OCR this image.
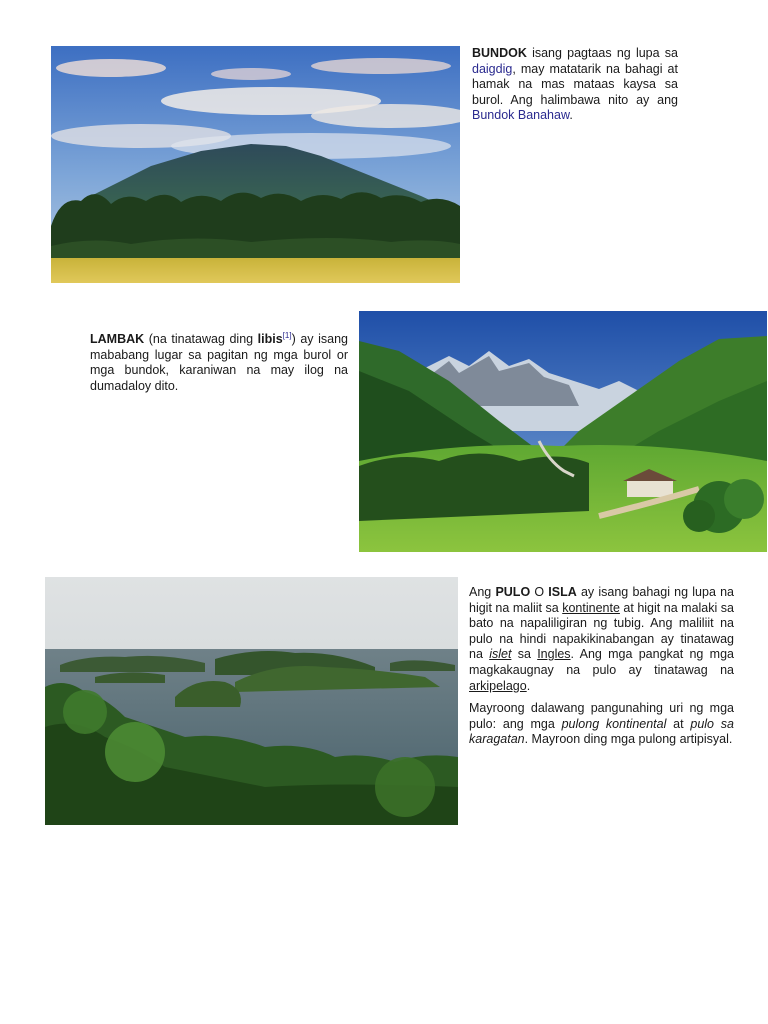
BUNDOK isang pagtaas ng lupa sa daigdig, may matatarik na bahagi at hamak na mas mataas kaysa sa burol. Ang halimbawa nito ay ang Bundok Banahaw.
LAMBAK (na tinatawag ding libis[1]) ay isang mababang lugar sa pagitan ng mga burol or mga bundok, karaniwan na may ilog na dumadaloy dito.

Ang PULO O ISLA ay isang bahagi ng lupa na higit na maliit sa kontinente at higit na malaki sa bato na napaliligiran ng tubig. Ang maliliit na pulo na hindi napakikinabangan ay tinatawag na islet sa Ingles. Ang mga pangkat ng mga magkakaugnay na pulo ay tinatawag na arkipelago.

Mayroong dalawang pangunahing uri ng mga pulo: ang mga pulong kontinental at pulo sa karagatan. Mayroon ding mga pulong artipisyal.
